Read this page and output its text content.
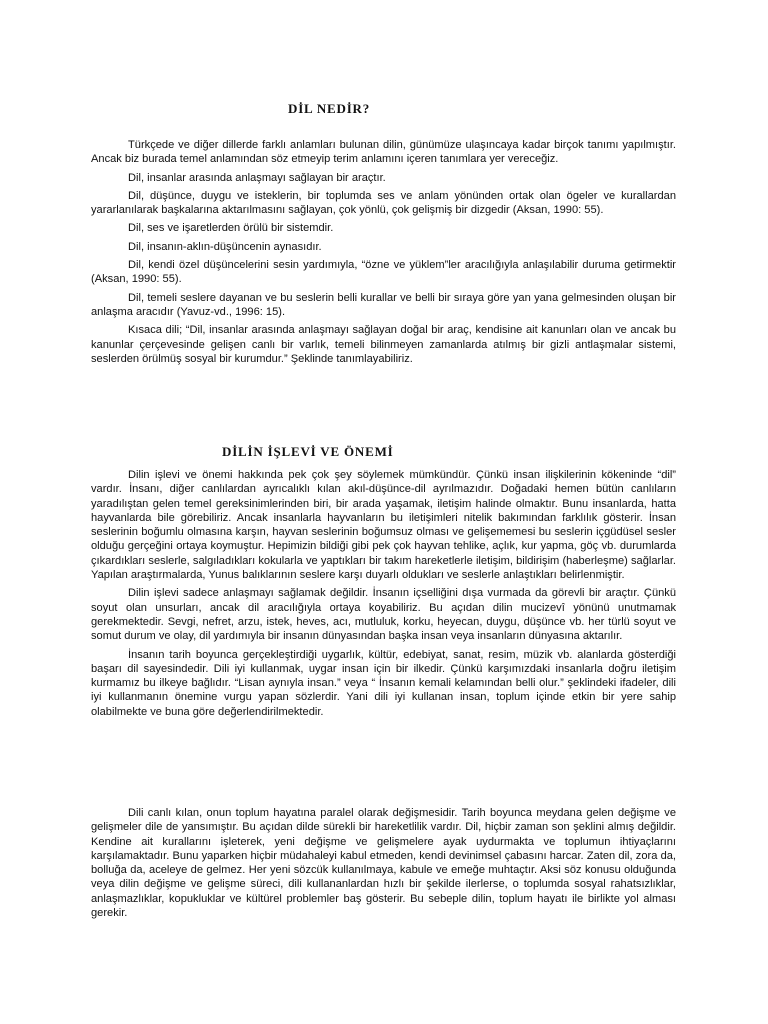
DİL NEDİR?

Türkçede ve diğer dillerde farklı anlamları bulunan dilin, günümüze ulaşıncaya kadar birçok tanımı yapılmıştır. Ancak biz burada temel anlamından söz etmeyip terim anlamını içeren tanımlara yer vereceğiz.

Dil, insanlar arasında anlaşmayı sağlayan bir araçtır.

Dil, düşünce, duygu ve isteklerin, bir toplumda ses ve anlam yönünden ortak olan ögeler ve kurallardan yararlanılarak başkalarına aktarılmasını sağlayan, çok yönlü, çok gelişmiş bir dizgedir (Aksan, 1990: 55).

Dil, ses ve işaretlerden örülü bir sistemdir.

Dil, insanın-aklın-düşüncenin aynasıdır.

Dil, kendi özel düşüncelerini sesin yardımıyla, “özne ve yüklem”ler aracılığıyla anlaşılabilir duruma getirmektir (Aksan, 1990: 55).

Dil, temeli seslere dayanan ve bu seslerin belli kurallar ve belli bir sıraya göre yan yana gelmesinden oluşan bir anlaşma aracıdır (Yavuz-vd., 1996: 15).

Kısaca dili; “Dil, insanlar arasında anlaşmayı sağlayan doğal bir araç, kendisine ait kanunları olan ve ancak bu kanunlar çerçevesinde gelişen canlı bir varlık, temeli bilinmeyen zamanlarda atılmış bir gizli antlaşmalar sistemi, seslerden örülmüş sosyal bir kurumdur.” Şeklinde tanımlayabiliriz.

DİLİN İŞLEVİ VE ÖNEMİ

Dilin işlevi ve önemi hakkında pek çok şey söylemek mümkündür. Çünkü insan ilişkilerinin kökeninde “dil” vardır. İnsanı, diğer canlılardan ayrıcalıklı kılan akıl-düşünce-dil ayrılmazıdır. Doğadaki hemen bütün canlıların yaradılıştan gelen temel gereksinimlerinden biri, bir arada yaşamak, iletişim halinde olmaktır. Bunu insanlarda, hatta hayvanlarda bile görebiliriz. Ancak insanlarla hayvanların bu iletişimleri nitelik bakımından farklılık gösterir. İnsan seslerinin boğumlu olmasına karşın, hayvan seslerinin boğumsuz olması ve gelişememesi bu seslerin içgüdüsel sesler olduğu gerçeğini ortaya koymuştur. Hepimizin bildiği gibi pek çok hayvan tehlike, açlık, kur yapma, göç vb. durumlarda çıkardıkları seslerle, salgıladıkları kokularla ve yaptıkları bir takım hareketlerle iletişim, bildirişim (haberleşme) sağlarlar. Yapılan araştırmalarda, Yunus balıklarının seslere karşı duyarlı oldukları ve seslerle anlaştıkları belirlenmiştir.

Dilin işlevi sadece anlaşmayı sağlamak değildir. İnsanın içselliğini dışa vurmada da görevli bir araçtır. Çünkü soyut olan unsurları, ancak dil aracılığıyla ortaya koyabiliriz. Bu açıdan dilin mucizevî yönünü unutmamak gerekmektedir. Sevgi, nefret, arzu, istek, heves, acı, mutluluk, korku, heyecan, duygu, düşünce vb. her türlü soyut ve somut durum ve olay, dil yardımıyla bir insanın dünyasından başka insan veya insanların dünyasına aktarılır.

İnsanın tarih boyunca gerçekleştirdiği uygarlık, kültür, edebiyat, sanat, resim, müzik vb. alanlarda gösterdiği başarı dil sayesindedir. Dili iyi kullanmak, uygar insan için bir ilkedir. Çünkü karşımızdaki insanlarla doğru iletişim kurmamız bu ilkeye bağlıdır. “Lisan aynıyla insan.” veya “ İnsanın kemali kelamından belli olur.” şeklindeki ifadeler, dili iyi kullanmanın önemine vurgu yapan sözlerdir. Yani dili iyi kullanan insan, toplum içinde etkin bir yere sahip olabilmekte ve buna göre değerlendirilmektedir.

Dili canlı kılan, onun toplum hayatına paralel olarak değişmesidir. Tarih boyunca meydana gelen değişme ve gelişmeler dile de yansımıştır. Bu açıdan dilde sürekli bir hareketlilik vardır. Dil, hiçbir zaman son şeklini almış değildir. Kendine ait kurallarını işleterek, yeni değişme ve gelişmelere ayak uydurmakta ve toplumun ihtiyaçlarını karşılamaktadır. Bunu yaparken hiçbir müdahaleyi kabul etmeden, kendi devinimsel çabasını harcar. Zaten dil, zora da, bolluğa da, aceleye de gelmez. Her yeni sözcük kullanılmaya, kabule ve emeğe muhtaçtır. Aksi söz konusu olduğunda veya dilin değişme ve gelişme süreci, dili kullananlardan hızlı bir şekilde ilerlerse, o toplumda sosyal rahatsızlıklar, anlaşmazlıklar, kopukluklar ve kültürel problemler baş gösterir. Bu sebeple dilin, toplum hayatı ile birlikte yol alması gerekir.
